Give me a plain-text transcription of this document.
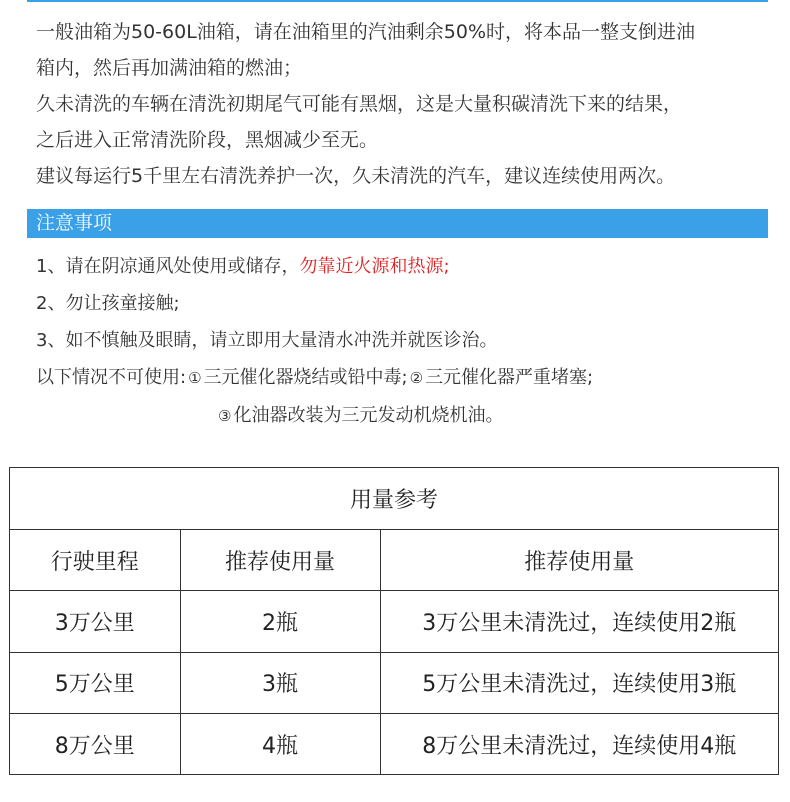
一般油箱为50-60L油箱，请在油箱里的汽油剩余50%时，将本品一整支倒进油

箱内，然后再加满油箱的燃油；

久未清洗的车辆在清洗初期尾气可能有黑烟，这是大量积碳清洗下来的结果，

之后进入正常清洗阶段，黑烟减少至无。

建议每运行5千里左右清洗养护一次，久未清洗的汽车，建议连续使用两次。

注意事项

1、请在阴凉通风处使用或储存，勿靠近火源和热源;

2、勿让孩童接触;

3、如不慎触及眼睛，请立即用大量清水冲洗并就医诊治。

以下情况不可使用: ① 三元催化器烧结或铅中毒; ② 三元催化器严重堵塞;

③ 化油器改装为三元发动机烧机油。

用量参考		
行驶里程	推荐使用量	推荐使用量
3万公里	2瓶	3万公里未清洗过，连续使用2瓶
5万公里	3瓶	5万公里未清洗过，连续使用3瓶
8万公里	4瓶	8万公里未清洗过，连续使用4瓶
